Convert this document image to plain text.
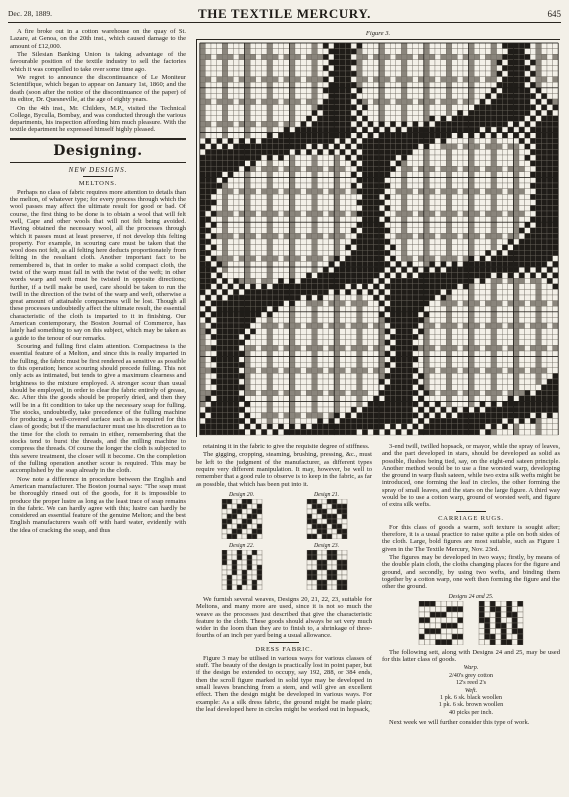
Dec. 28, 1889.	THE TEXTILE MERCURY.	645

A fire broke out in a cotton warehouse on the quay of St. Lazare, at Genoa, on the 20th inst., which caused damage to the amount of £12,000.

The Silesian Banking Union is taking advantage of the favourable position of the textile industry to sell the factories which it was compelled to take over some time ago.

We regret to announce the discontinuance of Le Moniteur Scientifique, which began to appear on January 1st, 1860; and the death (soon after the notice of the discontinuance of the paper) of its editor, Dr. Quesneville, at the age of eighty years.

On the 4th inst., Mr. Childers, M.P., visited the Technical College, Byculla, Bombay, and was conducted through the various departments, his inspection affording him much pleasure. With the textile department he expressed himself highly pleased.

Designing.
NEW DESIGNS.
MELTONS.

Perhaps no class of fabric requires more attention to details than the melton, of whatever type; for every process through which the wool passes may affect the ultimate result for good or bad. Of course, the first thing to be done is to obtain a wool that will felt well, Cape and other wools that will not felt being avoided. Having obtained the necessary wool, all the processes through which it passes must at least preserve, if not develop this felting property. For example, in scouring care must be taken that the wool does not felt, as all felting here deducts proportionately from felting in the resultant cloth. Another important fact to be remembered is, that in order to make a solid compact cloth, the twist of the warp must fall in with the twist of the weft; in other words warp and weft must be twisted in opposite directions; further, if a twill make be used, care should be taken to run the twill in the direction of the twist of the warp and weft, otherwise a great amount of attainable compactness will be lost. Though all these processes undoubtedly affect the ultimate result, the essential characteristic of the cloth is imparted to it in finishing. Our American contemporary, the Boston Journal of Commerce, has lately had something to say on this subject, which may be taken as a guide to the tenour of our remarks.

Scouring and fulling first claim attention. Compactness is the essential feature of a Melton, and since this is really imparted in the fulling, the fabric must be first rendered as sensitive as possible to this operation; hence scouring should precede fulling. This not only acts as intimated, but tends to give a maximum clearness and brightness to the mixture employed. A stronger scour than usual should be employed, in order to clear the fabric entirely of grease, &c. After this the goods should be properly dried, and then they will be in a fit condition to take up the necessary soap for fulling. The stocks, undoubtedly, take precedence of the fulling machine for producing a well-covered surface such as is required for this class of goods; but if the manufacturer must use his discretion as to the time for the cloth to remain in either, remembering that the stocks tend to burst the threads, and the milling machine to compress the threads. Of course the longer the cloth is subjected to this severe treatment, the closer will it become. On the completion of the fulling operation another scour is required. This may be accomplished by the soap already in the cloth.

Now note a difference in procedure between the English and American manufacturer. The Boston journal says: "The soap must be thoroughly rinsed out of the goods, for it is impossible to produce the proper lustre as long as the least trace of soap remains in the fabric. We can hardly agree with this; lustre can hardly be considered an essential feature of the genuine Melton; and the best English manufacturers wash off with hard water, evidently with the idea of cracking the soap, and thus

Figure 3.

retaining it in the fabric to give the requisite degree of stiffness.

The gigging, cropping, steaming, brushing, pressing, &c., must be left to the judgment of the manufacturer, as different types require very different manipulation. It may, however, be well to remember that a good rule to observe is to keep in the fabric, as far as possible, that which has been put into it.

Design 20.	Design 21.
Design 22.	Design 23.

We furnish several weaves, Designs 20, 21, 22, 23, suitable for Meltons, and many more are used, since it is not so much the weave as the processes just described that give the characteristic feature to the cloth. These goods should always be set very much wider in the loom than they are to finish to, a shrinkage of three-fourths of an inch per yard being a usual allowance.

DRESS FABRIC.

Figure 3 may be utilised in various ways for various classes of stuff. The beauty of the design is practically lost in point paper, but if the design be extended to occupy, say 192, 288, or 384 ends, then the scroll figure marked in solid type may be developed in small leaves branching from a stem, and will give an excellent effect. Then the design might be developed in various ways. For example: As a silk dress fabric, the ground might be made plain; the leaf developed here in circles might be worked out in hopsack,

3-end twill, twilled hopsack, or mayor, while the spray of leaves, and the part developed in stars, should be developed as solid as possible, flushes being tied, say, on the eight-end sateen principle. Another method would be to use a fine worsted warp, developing the ground in warp flush sateen, while two extra silk wefts might be introduced, one forming the leaf in circles, the other forming the spray of small leaves, and the stars on the large figure. A third way would be to use a cotton warp, ground of worsted weft, and figure of extra silk wefts.

CARRIAGE RUGS.

For this class of goods a warm, soft texture is sought after; therefore, it is a usual practice to raise quite a pile on both sides of the cloth. Large, bold figures are most suitable, such as Figure 1 given in the The Textile Mercury, Nov. 23rd.

The figures may be developed in two ways; firstly, by means of the double plain cloth, the cloths changing places for the figure and ground, and secondly, by using two wefts, and binding them together by a cotton warp, one weft then forming the figure and the other the ground.

Designs 24 and 25.

The following sett, along with Designs 24 and 25, may be used for this latter class of goods.

Warp.
2/40's grey cotton
12's reed 2's
Weft.
1 pk. 6 sk. black woollen
1 pk. 6 sk. brown woollen
40 picks per inch.

Next week we will further consider this type of work.
